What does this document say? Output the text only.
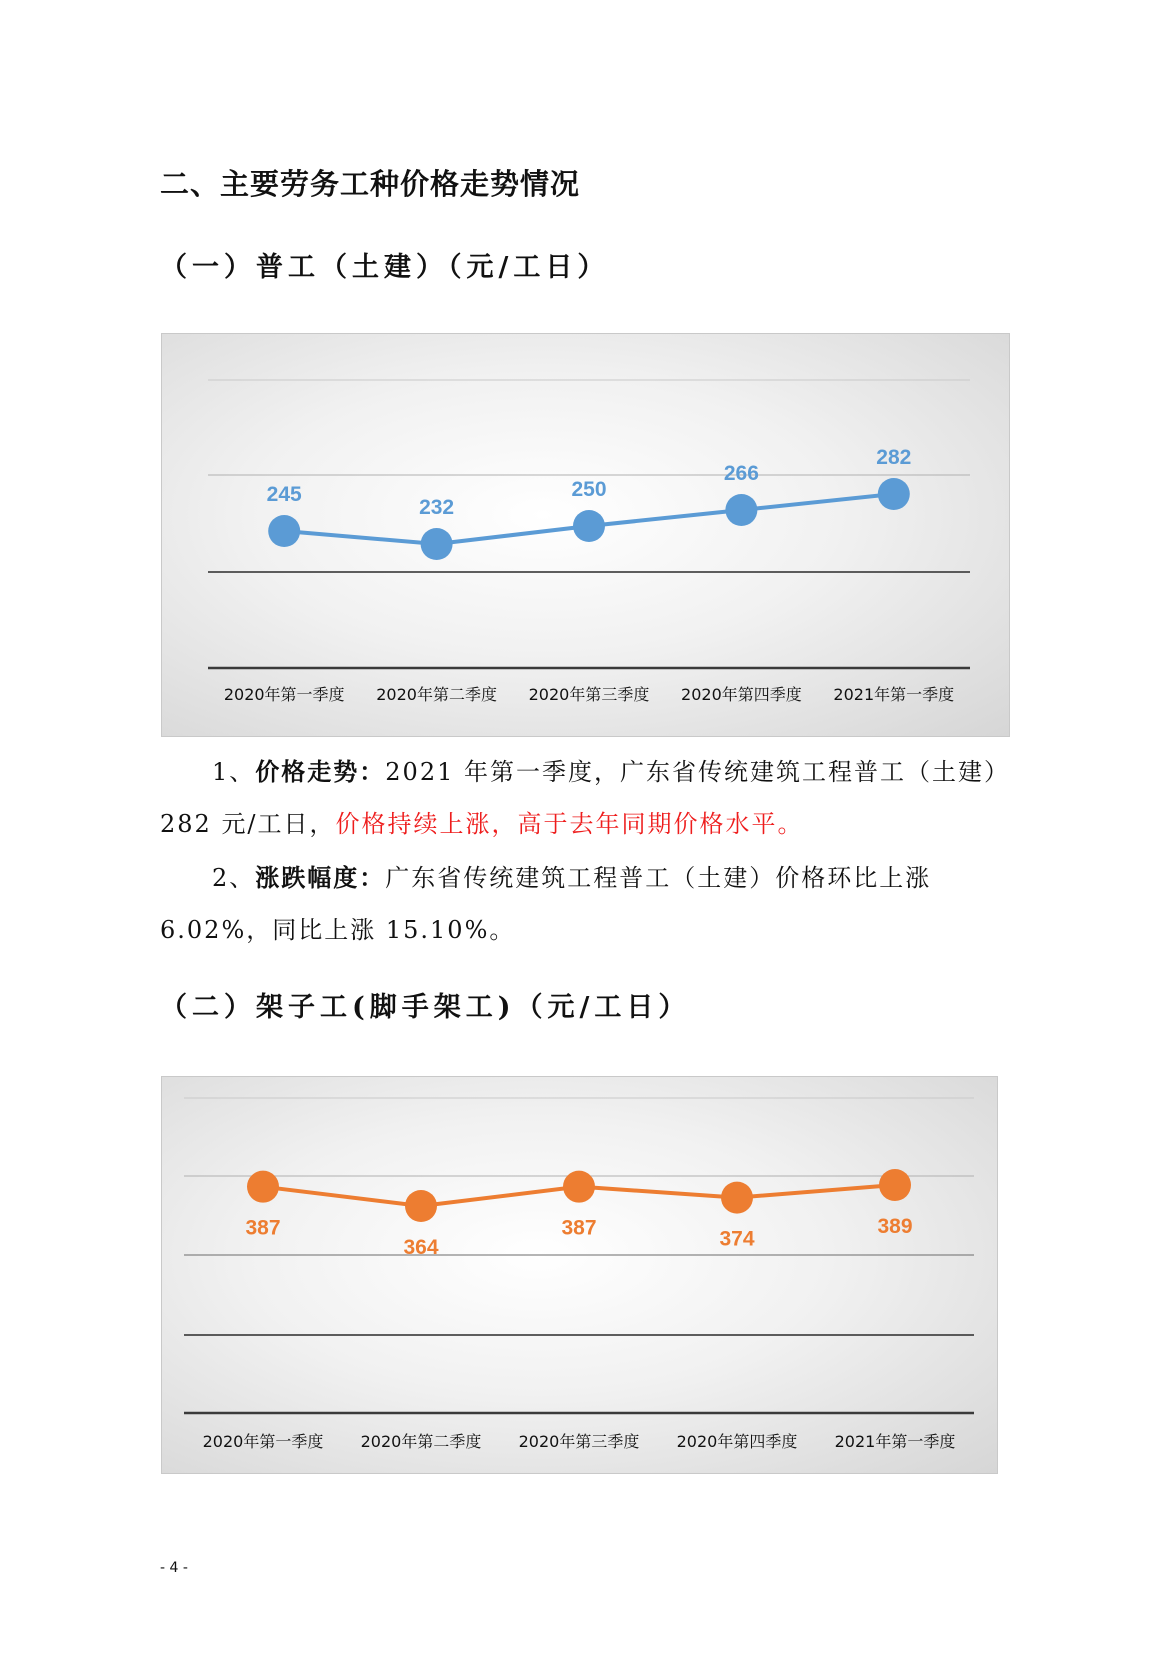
二、主要劳务工种价格走势情况
（一）普工（土建）（元/工日）
245
2020年第一季度
232
2020年第二季度
250
2020年第三季度
266
2020年第四季度
282
2021年第一季度

1、价格走势：2021 年第一季度，广东省传统建筑工程普工（土建）282 元/工日，价格持续上涨，高于去年同期价格水平。

2、涨跌幅度：广东省传统建筑工程普工（土建）价格环比上涨 6.02%，同比上涨 15.10%。

（二）架子工(脚手架工)（元/工日）
387
2020年第一季度
364
2020年第二季度
387
2020年第三季度
374
2020年第四季度
389
2021年第一季度
- 4 -
